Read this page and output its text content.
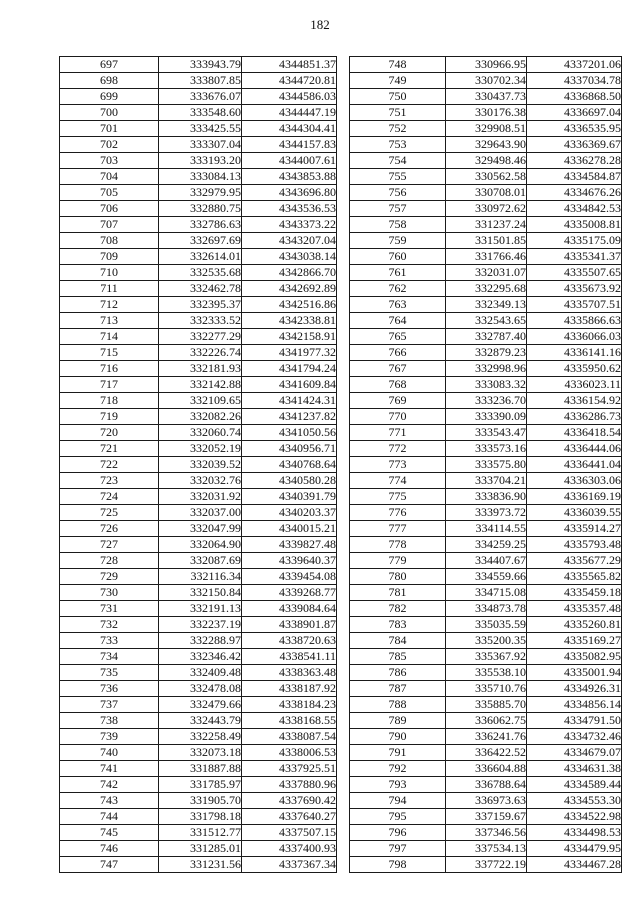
182
697	333943.79	4344851.37
698	333807.85	4344720.81
699	333676.07	4344586.03
700	333548.60	4344447.19
701	333425.55	4344304.41
702	333307.04	4344157.83
703	333193.20	4344007.61
704	333084.13	4343853.88
705	332979.95	4343696.80
706	332880.75	4343536.53
707	332786.63	4343373.22
708	332697.69	4343207.04
709	332614.01	4343038.14
710	332535.68	4342866.70
711	332462.78	4342692.89
712	332395.37	4342516.86
713	332333.52	4342338.81
714	332277.29	4342158.91
715	332226.74	4341977.32
716	332181.93	4341794.24
717	332142.88	4341609.84
718	332109.65	4341424.31
719	332082.26	4341237.82
720	332060.74	4341050.56
721	332052.19	4340956.71
722	332039.52	4340768.64
723	332032.76	4340580.28
724	332031.92	4340391.79
725	332037.00	4340203.37
726	332047.99	4340015.21
727	332064.90	4339827.48
728	332087.69	4339640.37
729	332116.34	4339454.08
730	332150.84	4339268.77
731	332191.13	4339084.64
732	332237.19	4338901.87
733	332288.97	4338720.63
734	332346.42	4338541.11
735	332409.48	4338363.48
736	332478.08	4338187.92
737	332479.66	4338184.23
738	332443.79	4338168.55
739	332258.49	4338087.54
740	332073.18	4338006.53
741	331887.88	4337925.51
742	331785.97	4337880.96
743	331905.70	4337690.42
744	331798.18	4337640.27
745	331512.77	4337507.15
746	331285.01	4337400.93
747	331231.56	4337367.34
748	330966.95	4337201.06
749	330702.34	4337034.78
750	330437.73	4336868.50
751	330176.38	4336697.04
752	329908.51	4336535.95
753	329643.90	4336369.67
754	329498.46	4336278.28
755	330562.58	4334584.87
756	330708.01	4334676.26
757	330972.62	4334842.53
758	331237.24	4335008.81
759	331501.85	4335175.09
760	331766.46	4335341.37
761	332031.07	4335507.65
762	332295.68	4335673.92
763	332349.13	4335707.51
764	332543.65	4335866.63
765	332787.40	4336066.03
766	332879.23	4336141.16
767	332998.96	4335950.62
768	333083.32	4336023.11
769	333236.70	4336154.92
770	333390.09	4336286.73
771	333543.47	4336418.54
772	333573.16	4336444.06
773	333575.80	4336441.04
774	333704.21	4336303.06
775	333836.90	4336169.19
776	333973.72	4336039.55
777	334114.55	4335914.27
778	334259.25	4335793.48
779	334407.67	4335677.29
780	334559.66	4335565.82
781	334715.08	4335459.18
782	334873.78	4335357.48
783	335035.59	4335260.81
784	335200.35	4335169.27
785	335367.92	4335082.95
786	335538.10	4335001.94
787	335710.76	4334926.31
788	335885.70	4334856.14
789	336062.75	4334791.50
790	336241.76	4334732.46
791	336422.52	4334679.07
792	336604.88	4334631.38
793	336788.64	4334589.44
794	336973.63	4334553.30
795	337159.67	4334522.98
796	337346.56	4334498.53
797	337534.13	4334479.95
798	337722.19	4334467.28
